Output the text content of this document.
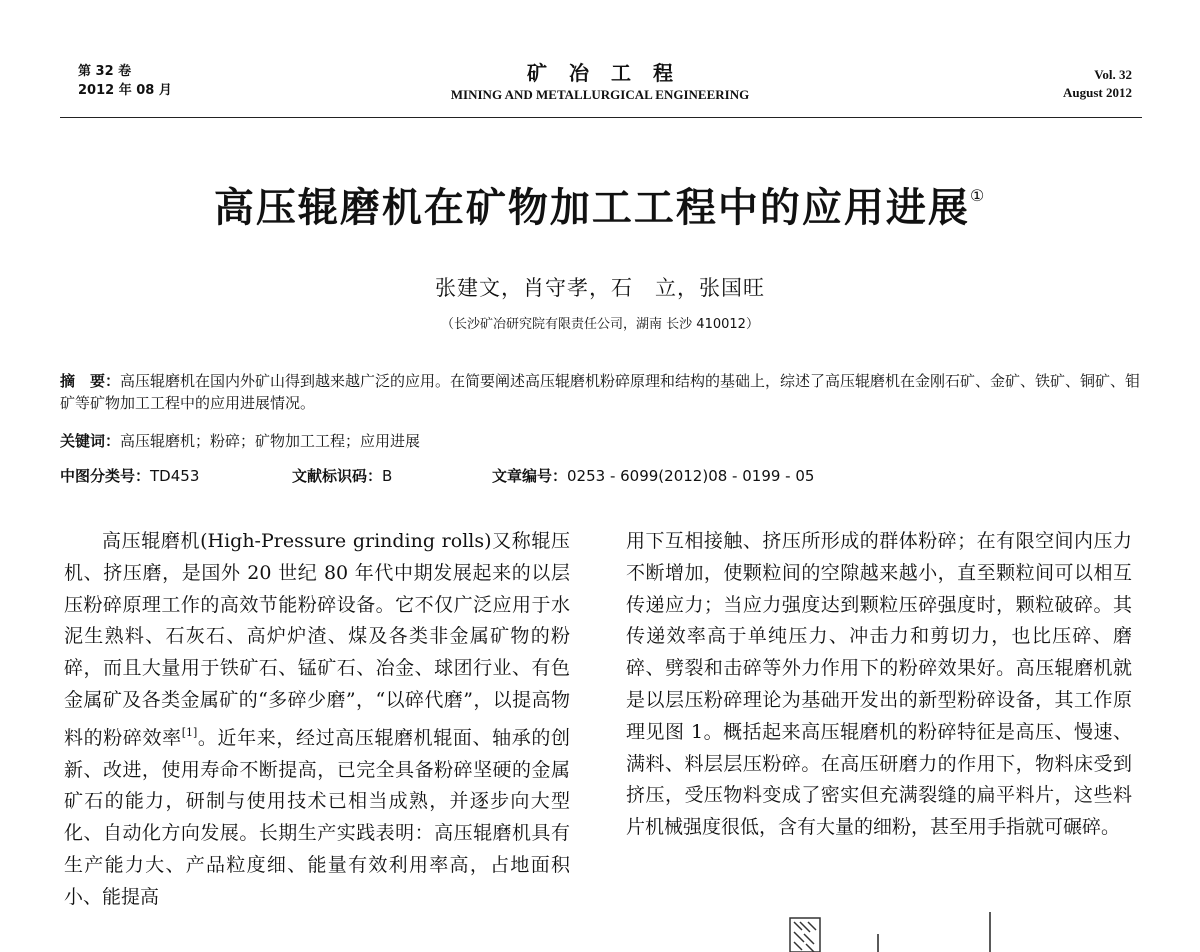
第 32 卷
2012 年 08 月
矿冶工程
MINING AND METALLURGICAL ENGINEERING
Vol. 32
August 2012
高压辊磨机在矿物加工工程中的应用进展①
张建文，肖守孝，石　立，张国旺
（长沙矿冶研究院有限责任公司，湖南 长沙 410012）
摘　要：高压辊磨机在国内外矿山得到越来越广泛的应用。在简要阐述高压辊磨机粉碎原理和结构的基础上，综述了高压辊磨机在金刚石矿、金矿、铁矿、铜矿、钼矿等矿物加工工程中的应用进展情况。
关键词：高压辊磨机；粉碎；矿物加工工程；应用进展
中图分类号：TD453	文献标识码：B	文章编号：0253 - 6099(2012)08 - 0199 - 05
高压辊磨机(High-Pressure grinding rolls)又称辊压机、挤压磨，是国外 20 世纪 80 年代中期发展起来的以层压粉碎原理工作的高效节能粉碎设备。它不仅广泛应用于水泥生熟料、石灰石、高炉炉渣、煤及各类非金属矿物的粉碎，而且大量用于铁矿石、锰矿石、冶金、球团行业、有色金属矿及各类金属矿的“多碎少磨”，“以碎代磨”，以提高物料的粉碎效率[1]。近年来，经过高压辊磨机辊面、轴承的创新、改进，使用寿命不断提高，已完全具备粉碎坚硬的金属矿石的能力，研制与使用技术已相当成熟，并逐步向大型化、自动化方向发展。长期生产实践表明：高压辊磨机具有生产能力大、产品粒度细、能量有效利用率高，占地面积小、能提高
用下互相接触、挤压所形成的群体粉碎；在有限空间内压力不断增加，使颗粒间的空隙越来越小，直至颗粒间可以相互传递应力；当应力强度达到颗粒压碎强度时，颗粒破碎。其传递效率高于单纯压力、冲击力和剪切力，也比压碎、磨碎、劈裂和击碎等外力作用下的粉碎效果好。高压辊磨机就是以层压粉碎理论为基础开发出的新型粉碎设备，其工作原理见图 1。概括起来高压辊磨机的粉碎特征是高压、慢速、满料、料层层压粉碎。在高压研磨力的作用下，物料床受到挤压，受压物料变成了密实但充满裂缝的扁平料片，这些料片机械强度很低，含有大量的细粉，甚至用手指就可碾碎。
